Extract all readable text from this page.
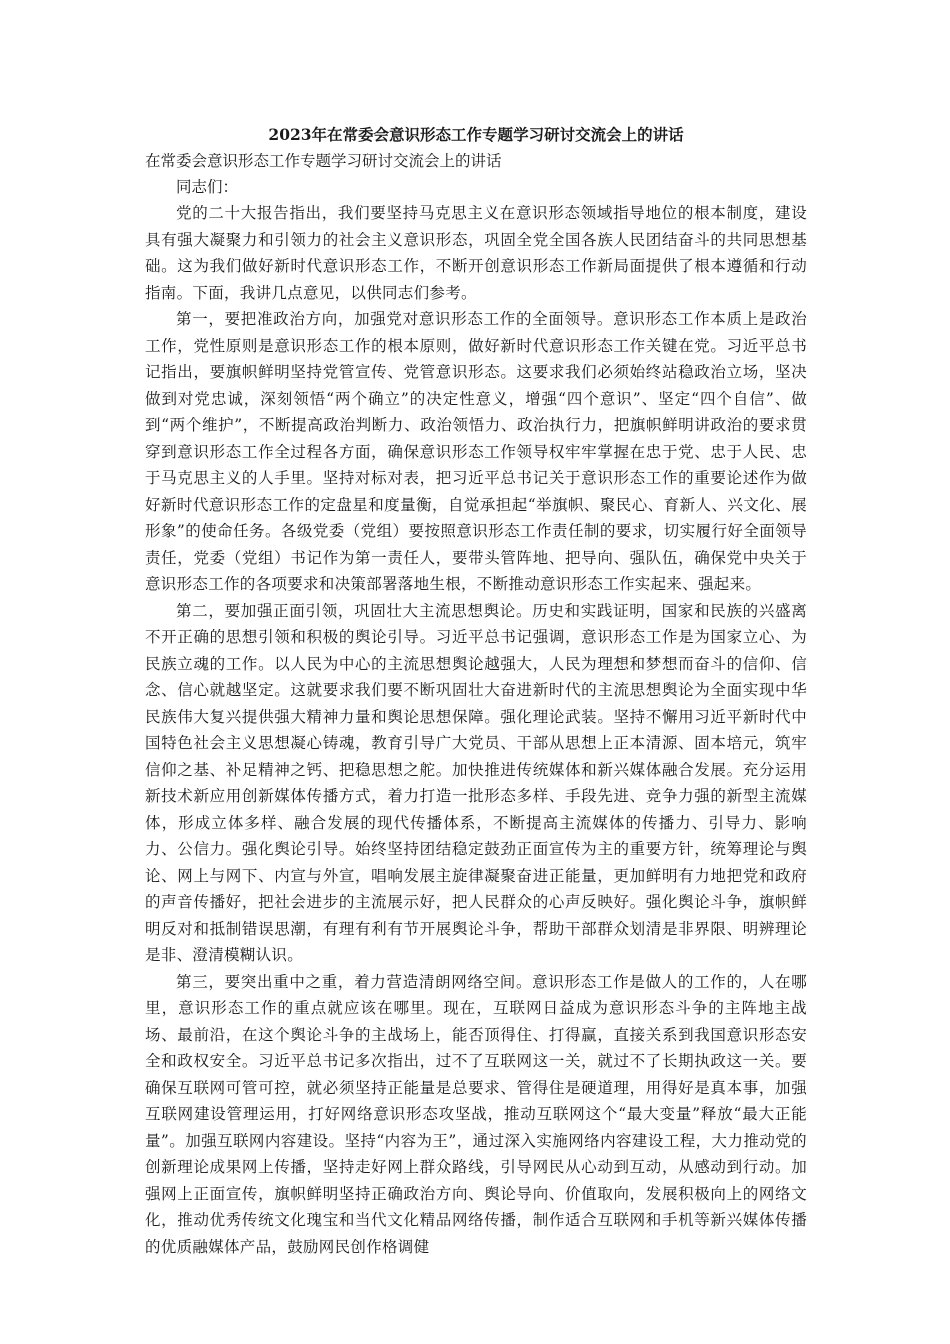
2023年在常委会意识形态工作专题学习研讨交流会上的讲话
在常委会意识形态工作专题学习研讨交流会上的讲话
同志们：

党的二十大报告指出，我们要坚持马克思主义在意识形态领域指导地位的根本制度，建设具有强大凝聚力和引领力的社会主义意识形态，巩固全党全国各族人民团结奋斗的共同思想基础。这为我们做好新时代意识形态工作，不断开创意识形态工作新局面提供了根本遵循和行动指南。下面，我讲几点意见，以供同志们参考。

第一，要把准政治方向，加强党对意识形态工作的全面领导。意识形态工作本质上是政治工作，党性原则是意识形态工作的根本原则，做好新时代意识形态工作关键在党。习近平总书记指出，要旗帜鲜明坚持党管宣传、党管意识形态。这要求我们必须始终站稳政治立场，坚决做到对党忠诚，深刻领悟“两个确立”的决定性意义，增强“四个意识”、坚定“四个自信”、做到“两个维护”，不断提高政治判断力、政治领悟力、政治执行力，把旗帜鲜明讲政治的要求贯穿到意识形态工作全过程各方面，确保意识形态工作领导权牢牢掌握在忠于党、忠于人民、忠于马克思主义的人手里。坚持对标对表，把习近平总书记关于意识形态工作的重要论述作为做好新时代意识形态工作的定盘星和度量衡，自觉承担起“举旗帜、聚民心、育新人、兴文化、展形象”的使命任务。各级党委（党组）要按照意识形态工作责任制的要求，切实履行好全面领导责任，党委（党组）书记作为第一责任人，要带头管阵地、把导向、强队伍，确保党中央关于意识形态工作的各项要求和决策部署落地生根，不断推动意识形态工作实起来、强起来。

第二，要加强正面引领，巩固壮大主流思想舆论。历史和实践证明，国家和民族的兴盛离不开正确的思想引领和积极的舆论引导。习近平总书记强调，意识形态工作是为国家立心、为民族立魂的工作。以人民为中心的主流思想舆论越强大，人民为理想和梦想而奋斗的信仰、信念、信心就越坚定。这就要求我们要不断巩固壮大奋进新时代的主流思想舆论为全面实现中华民族伟大复兴提供强大精神力量和舆论思想保障。强化理论武装。坚持不懈用习近平新时代中国特色社会主义思想凝心铸魂，教育引导广大党员、干部从思想上正本清源、固本培元，筑牢信仰之基、补足精神之钙、把稳思想之舵。加快推进传统媒体和新兴媒体融合发展。充分运用新技术新应用创新媒体传播方式，着力打造一批形态多样、手段先进、竞争力强的新型主流媒体，形成立体多样、融合发展的现代传播体系，不断提高主流媒体的传播力、引导力、影响力、公信力。强化舆论引导。始终坚持团结稳定鼓劲正面宣传为主的重要方针，统筹理论与舆论、网上与网下、内宣与外宣，唱响发展主旋律凝聚奋进正能量，更加鲜明有力地把党和政府的声音传播好，把社会进步的主流展示好，把人民群众的心声反映好。强化舆论斗争，旗帜鲜明反对和抵制错误思潮，有理有利有节开展舆论斗争，帮助干部群众划清是非界限、明辨理论是非、澄清模糊认识。

第三，要突出重中之重，着力营造清朗网络空间。意识形态工作是做人的工作的，人在哪里，意识形态工作的重点就应该在哪里。现在，互联网日益成为意识形态斗争的主阵地主战场、最前沿，在这个舆论斗争的主战场上，能否顶得住、打得赢，直接关系到我国意识形态安全和政权安全。习近平总书记多次指出，过不了互联网这一关，就过不了长期执政这一关。要确保互联网可管可控，就必须坚持正能量是总要求、管得住是硬道理，用得好是真本事，加强互联网建设管理运用，打好网络意识形态攻坚战，推动互联网这个“最大变量”释放“最大正能量”。加强互联网内容建设。坚持“内容为王”，通过深入实施网络内容建设工程，大力推动党的创新理论成果网上传播，坚持走好网上群众路线，引导网民从心动到互动，从感动到行动。加强网上正面宣传，旗帜鲜明坚持正确政治方向、舆论导向、价值取向，发展积极向上的网络文化，推动优秀传统文化瑰宝和当代文化精品网络传播，制作适合互联网和手机等新兴媒体传播的优质融媒体产品，鼓励网民创作格调健
